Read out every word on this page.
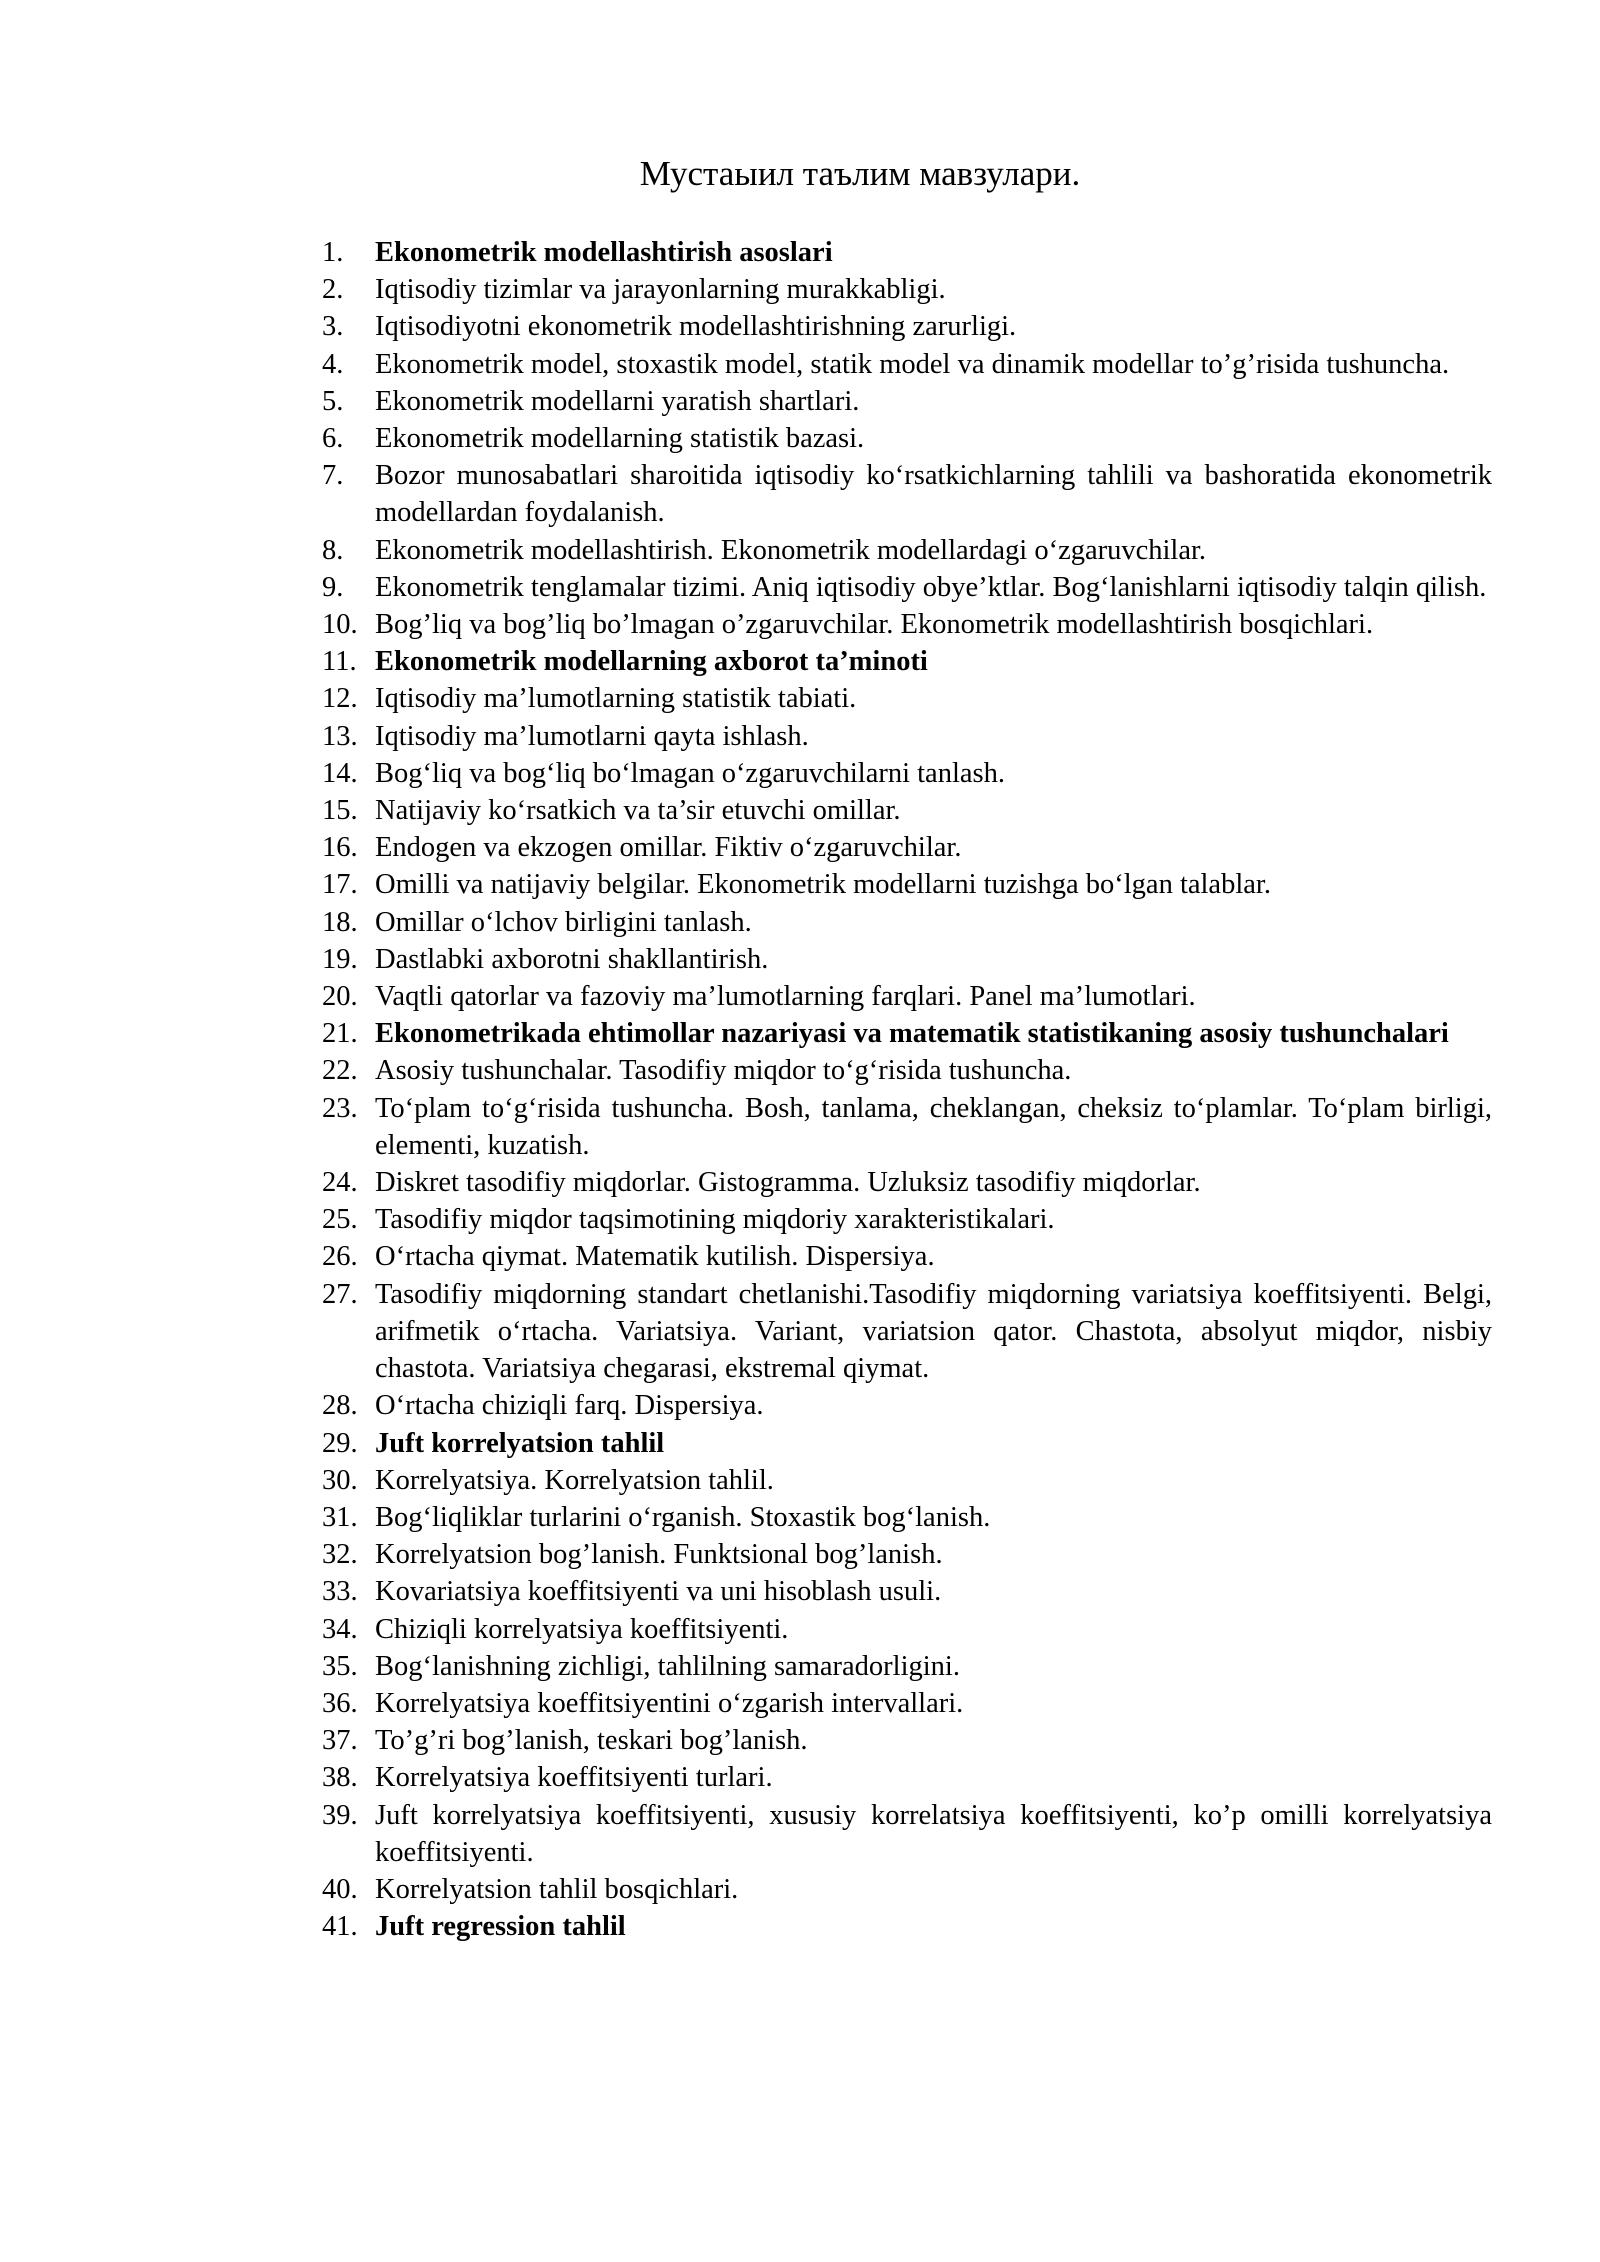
Мустаыил таълим мавзулари.
1.	Ekonometrik modellashtirish asoslari
2.	Iqtisodiy tizimlar va jarayonlarning murakkabligi.
3.	Iqtisodiyotni ekonometrik modellashtirishning zarurligi.
4.	Ekonometrik model, stoxastik model, statik model va dinamik modellar to’g’risida tushuncha.
5.	Ekonometrik modellarni yaratish shartlari.
6.	Ekonometrik modellarning statistik bazasi.
7.	Bozor munosabatlari sharoitida iqtisodiy ko‘rsatkichlarning tahlili va bashoratida ekonometrik modellardan foydalanish.
8.	Ekonometrik modellashtirish. Ekonometrik modellardagi o‘zgaruvchilar.
9.	Ekonometrik tenglamalar tizimi. Aniq iqtisodiy obye’ktlar. Bog‘lanishlarni iqtisodiy talqin qilish.
10. Bog’liq va bog’liq bo’lmagan o’zgaruvchilar. Ekonometrik modellashtirish bosqichlari.
11. Ekonometrik modellarning axborot ta’minoti
12. Iqtisodiy ma’lumotlarning statistik tabiati.
13. Iqtisodiy ma’lumotlarni qayta ishlash.
14. Bog‘liq va bog‘liq bo‘lmagan o‘zgaruvchilarni tanlash.
15. Natijaviy ko‘rsatkich va ta’sir etuvchi omillar.
16. Endogen va ekzogen omillar. Fiktiv o‘zgaruvchilar.
17. Omilli va natijaviy belgilar. Ekonometrik modellarni tuzishga bo‘lgan talablar.
18. Omillar o‘lchov birligini tanlash.
19. Dastlabki axborotni shakllantirish.
20. Vaqtli qatorlar va fazoviy ma’lumotlarning farqlari. Panel ma’lumotlari.
21. Ekonometrikada ehtimollar nazariyasi va matematik statistikaning asosiy tushunchalari
22. Asosiy tushunchalar. Tasodifiy miqdor to‘g‘risida tushuncha.
23. To‘plam to‘g‘risida tushuncha. Bosh, tanlama, cheklangan, cheksiz to‘plamlar. To‘plam birligi, elementi, kuzatish.
24. Diskret tasodifiy miqdorlar. Gistogramma. Uzluksiz tasodifiy miqdorlar.
25. Tasodifiy miqdor taqsimotining miqdoriy xarakteristikalari.
26. O‘rtacha qiymat. Matematik kutilish. Dispersiya.
27. Tasodifiy miqdorning standart chetlanishi.Tasodifiy miqdorning variatsiya koeffitsiyenti. Belgi, arifmetik o‘rtacha. Variatsiya. Variant, variatsion qator. Chastota, absolyut miqdor, nisbiy chastota. Variatsiya chegarasi, ekstremal qiymat.
28. O‘rtacha chiziqli farq. Dispersiya.
29. Juft korrelyatsion tahlil
30. Korrelyatsiya. Korrelyatsion tahlil.
31. Bog‘liqliklar turlarini o‘rganish. Stoxastik bog‘lanish.
32. Korrelyatsion bog’lanish. Funktsional bog’lanish.
33. Kovariatsiya koeffitsiyenti va uni hisoblash usuli.
34. Chiziqli korrelyatsiya koeffitsiyenti.
35. Bog‘lanishning zichligi, tahlilning samaradorligini.
36. Korrelyatsiya koeffitsiyentini o‘zgarish intervallari.
37. To’g’ri bog’lanish, teskari bog’lanish.
38. Korrelyatsiya koeffitsiyenti turlari.
39. Juft korrelyatsiya koeffitsiyenti, xususiy korrelatsiya koeffitsiyenti, ko’p omilli korrelyatsiya koeffitsiyenti.
40. Korrelyatsion tahlil bosqichlari.
41. Juft regression tahlil
